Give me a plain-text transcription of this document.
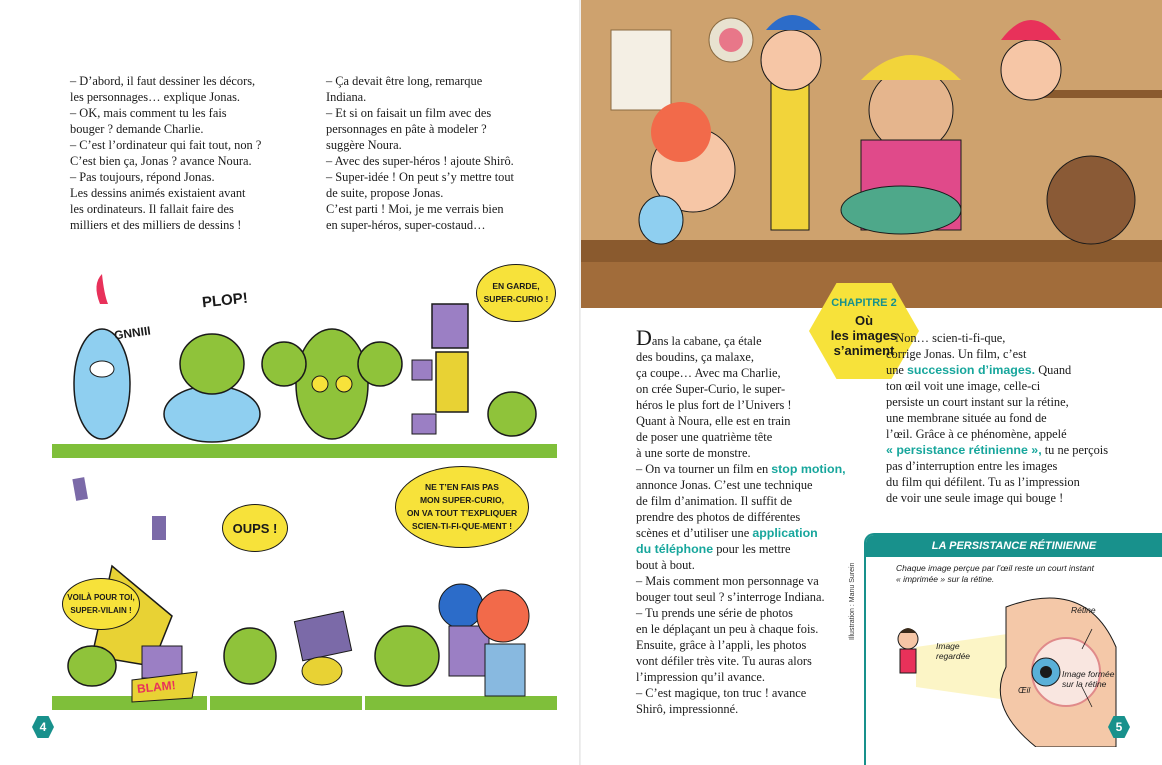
– D’abord, il faut dessiner les décors,
les personnages… explique Jonas.
– OK, mais comment tu les fais
bouger ? demande Charlie.
– C’est l’ordinateur qui fait tout, non ?
C’est bien ça, Jonas ? avance Noura.
– Pas toujours, répond Jonas.
Les dessins animés existaient avant
les ordinateurs. Il fallait faire des
milliers et des milliers de dessins !

– Ça devait être long, remarque
Indiana.
– Et si on faisait un film avec des
personnages en pâte à modeler ?
suggère Noura.
– Avec des super-héros ! ajoute Shirô.
– Super-idée ! On peut s’y mettre tout
de suite, propose Jonas.
C’est parti ! Moi, je me verrais bien
en super-héros, super-costaud…

GNNIII
PLOP!
EN GARDE,
SUPER-CURIO !
VOILÀ POUR TOI,
SUPER-VILAIN !
BLAM!
OUPS !
NE T’EN FAIS PAS
MON SUPER-CURIO,
ON VA TOUT T’EXPLIQUER
SCIEN-TI-FI-QUE-MENT !
4
CHAPITRE 2
Où
les images
s’animent

Dans la cabane, ça étale
des boudins, ça malaxe,
ça coupe… Avec ma Charlie,
on crée Super-Curio, le super-
héros le plus fort de l’Univers !
Quant à Noura, elle est en train
de poser une quatrième tête
à une sorte de monstre.
– On va tourner un film en stop motion,
annonce Jonas. C’est une technique
de film d’animation. Il suffit de
prendre des photos de différentes
scènes et d’utiliser une application
du téléphone pour les mettre
bout à bout.
– Mais comment mon personnage va
bouger tout seul ? s’interroge Indiana.
– Tu prends une série de photos
en le déplaçant un peu à chaque fois.
Ensuite, grâce à l’appli, les photos
vont défiler très vite. Tu auras alors
l’impression qu’il avance.
– C’est magique, ton truc ! avance
Shirô, impressionné.

– Non… scien-ti-fi-que,
corrige Jonas. Un film, c’est
une succession d’images. Quand
ton œil voit une image, celle-ci
persiste un court instant sur la rétine,
une membrane située au fond de
l’œil. Grâce à ce phénomène, appelé
« persistance rétinienne », tu ne perçois
pas d’interruption entre les images
du film qui défilent. Tu as l’impression
de voir une seule image qui bouge !

Illustration : Manu Surein
LA PERSISTANCE RÉTINIENNE
Chaque image perçue par l’œil reste un court instant
« imprimée » sur la rétine.
Rétine
Image
regardée
Image formée
sur la rétine
Œil
5
